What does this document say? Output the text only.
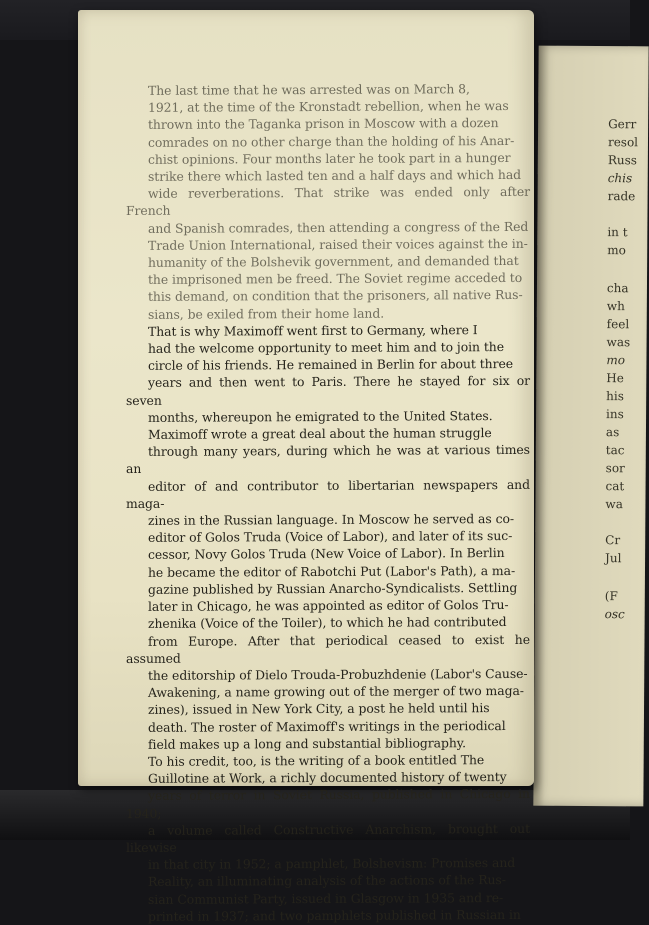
Gerr
resol
Russ
chis
rade
in t
mo
cha
wh
feel
was
mo
He
his
ins
as
tac
sor
cat
wa
Cr
Jul
(F
osc

The last time that he was arrested was on March 8,
1921, at the time of the Kronstadt rebellion, when he was
thrown into the Taganka prison in Moscow with a dozen
comrades on no other charge than the holding of his Anar-
chist opinions. Four months later he took part in a hunger
strike there which lasted ten and a half days and which had
wide reverberations. That strike was ended only after French
and Spanish comrades, then attending a congress of the Red
Trade Union International, raised their voices against the in-
humanity of the Bolshevik government, and demanded that
the imprisoned men be freed. The Soviet regime acceded to
this demand, on condition that the prisoners, all native Rus-
sians, be exiled from their home land.

That is why Maximoff went first to Germany, where I
had the welcome opportunity to meet him and to join the
circle of his friends. He remained in Berlin for about three
years and then went to Paris. There he stayed for six or seven
months, whereupon he emigrated to the United States.

Maximoff wrote a great deal about the human struggle
through many years, during which he was at various times an
editor of and contributor to libertarian newspapers and maga-
zines in the Russian language. In Moscow he served as co-
editor of Golos Truda (Voice of Labor), and later of its suc-
cessor, Novy Golos Truda (New Voice of Labor). In Berlin
he became the editor of Rabotchi Put (Labor's Path), a ma-
gazine published by Russian Anarcho-Syndicalists. Settling
later in Chicago, he was appointed as editor of Golos Tru-
zhenika (Voice of the Toiler), to which he had contributed
from Europe. After that periodical ceased to exist he assumed
the editorship of Dielo Trouda-Probuzhdenie (Labor's Cause-
Awakening, a name growing out of the merger of two maga-
zines), issued in New York City, a post he held until his
death. The roster of Maximoff's writings in the periodical
field makes up a long and substantial bibliography.

To his credit, too, is the writing of a book entitled The
Guillotine at Work, a richly documented history of twenty
years of terror in Soviet Russia, published in Chicago in 1940;
a volume called Constructive Anarchism, brought out likewise
in that city in 1952; a pamphlet, Bolshevism: Promises and
Reality, an illuminating analysis of the actions of the Rus-
sian Communist Party, issued in Glasgow in 1935 and re-
printed in 1937; and two pamphlets published in Russian in
